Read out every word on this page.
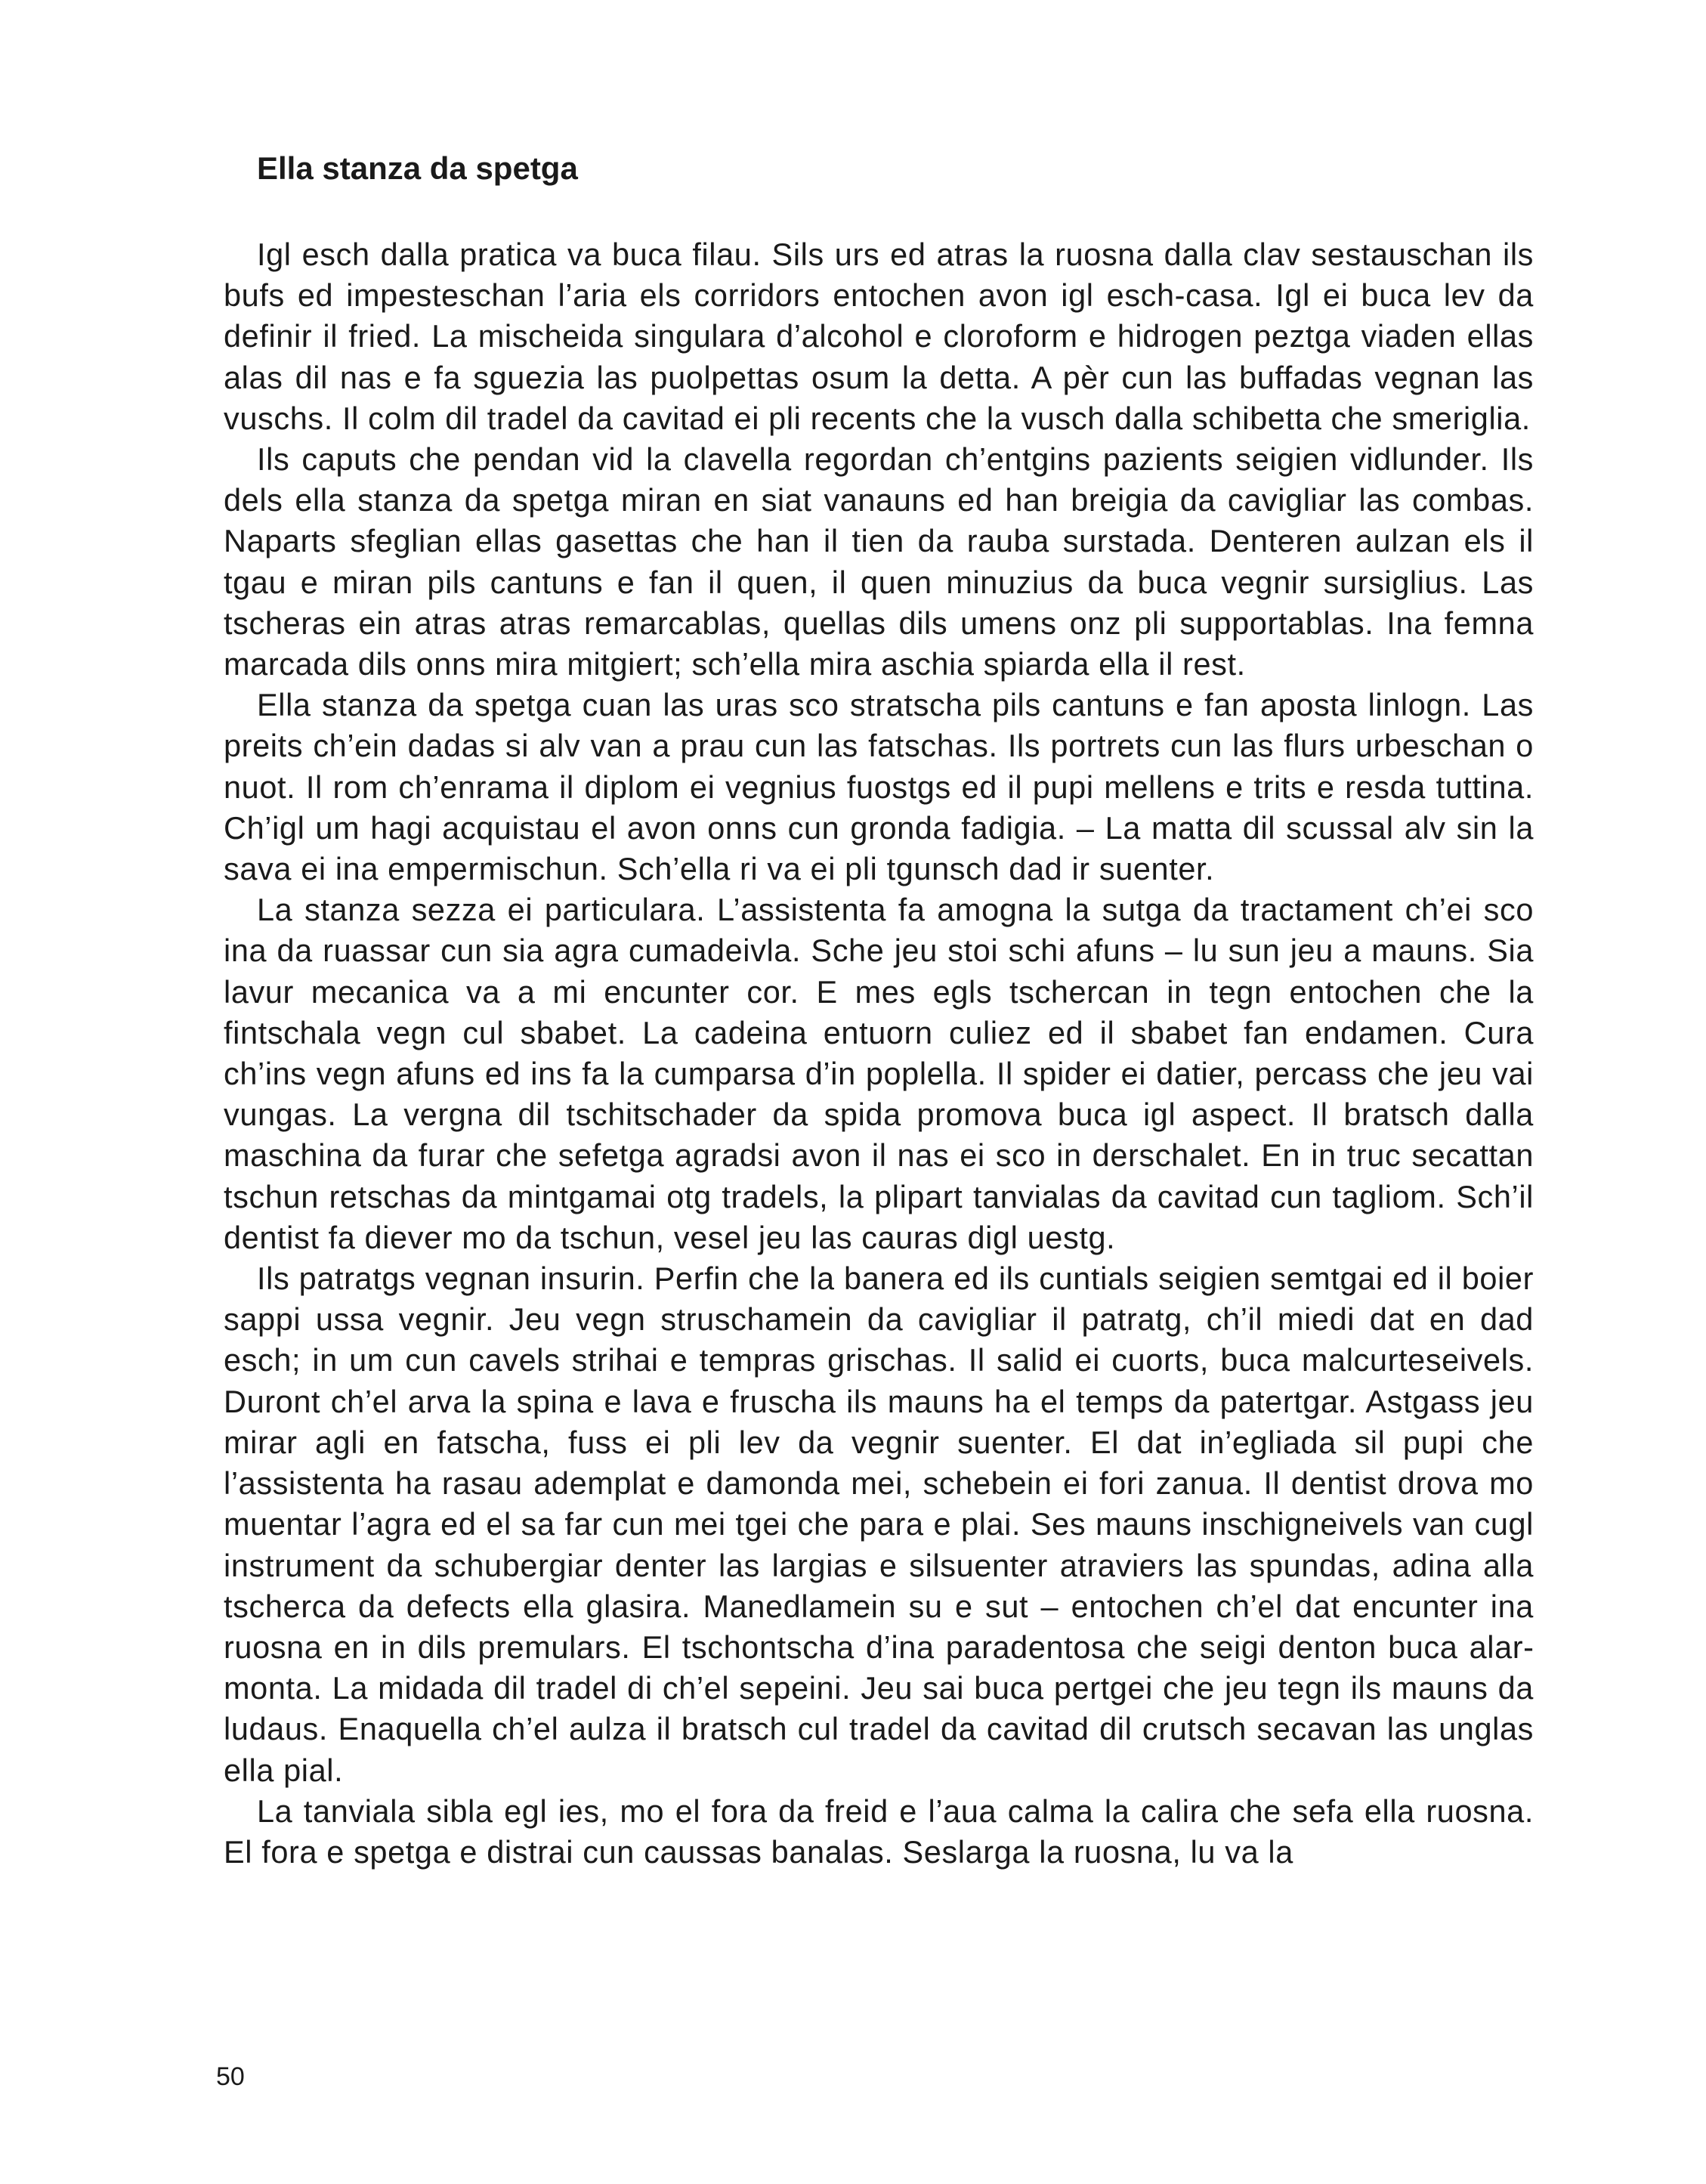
Ella stanza da spetga

Igl esch dalla pratica va buca filau. Sils urs ed atras la ruosna dalla clav sestauschan ils bufs ed impesteschan l’aria els corridors entochen avon igl esch-casa. Igl ei buca lev da definir il fried. La mischeida singulara d’alcohol e cloroform e hidrogen peztga viaden ellas alas dil nas e fa sguezia las puolpettas osum la detta. A pèr cun las buffadas vegnan las vuschs. Il colm dil tradel da cavitad ei pli recents che la vusch dalla schibetta che smeriglia.

Ils caputs che pendan vid la clavella regordan ch’entgins pazients seigien vidlunder. Ils dels ella stanza da spetga miran en siat vanauns ed han breigia da cavigliar las combas. Naparts sfeglian ellas gasettas che han il tien da rauba surstada. Denteren aulzan els il tgau e miran pils cantuns e fan il quen, il quen minuzius da buca vegnir sursiglius. Las tscheras ein atras atras remarcablas, quellas dils umens onz pli supportablas. Ina femna marcada dils onns mira mitgiert; sch’ella mira aschia spiarda ella il rest.

Ella stanza da spetga cuan las uras sco stratscha pils cantuns e fan aposta linlogn. Las preits ch’ein dadas si alv van a prau cun las fatschas. Ils portrets cun las flurs urbeschan o nuot. Il rom ch’enrama il diplom ei vegnius fuostgs ed il pupi mellens e trits e resda tuttina. Ch’igl um hagi acquistau el avon onns cun gronda fadigia. – La matta dil scussal alv sin la sava ei ina empermischun. Sch’ella ri va ei pli tgunsch dad ir suenter.

La stanza sezza ei particulara. L’assistenta fa amogna la sutga da tractament ch’ei sco ina da ruassar cun sia agra cumadeivla. Sche jeu stoi schi afuns – lu sun jeu a mauns. Sia lavur mecanica va a mi encunter cor. E mes egls tschercan in tegn entochen che la fintschala vegn cul sbabet. La cadeina entuorn culiez ed il sbabet fan endamen. Cura ch’ins vegn afuns ed ins fa la cumparsa d’in poplella. Il spider ei datier, percass che jeu vai vungas. La vergna dil tschitschader da spida promova buca igl aspect. Il bratsch dalla maschina da furar che sefetga agradsi avon il nas ei sco in derschalet. En in truc secattan tschun retschas da mintgamai otg tradels, la plipart tanvialas da cavitad cun tagliom. Sch’il dentist fa diever mo da tschun, vesel jeu las cauras digl uestg.

Ils patratgs vegnan insurin. Perfin che la banera ed ils cuntials seigien semtgai ed il boier sappi ussa vegnir. Jeu vegn struschamein da cavigliar il patratg, ch’il miedi dat en dad esch; in um cun cavels strihai e tempras grischas. Il salid ei cuorts, buca malcurteseivels. Duront ch’el arva la spina e lava e fruscha ils mauns ha el temps da patertgar. Astgass jeu mirar agli en fatscha, fuss ei pli lev da vegnir suenter. El dat in’egliada sil pupi che l’assistenta ha rasau ademplat e damonda mei, schebein ei fori zanua. Il dentist drova mo muentar l’agra ed el sa far cun mei tgei che para e plai. Ses mauns inschigneivels van cugl instrument da schubergiar denter las largias e silsuenter atraviers las spundas, adina alla tscherca da defects ella glasira. Manedlamein su e sut – entochen ch’el dat encunter ina ruosna en in dils premulars. El tschontscha d’ina paradentosa che seigi denton buca alarmonta. La midada dil tradel di ch’el sepeini. Jeu sai buca pertgei che jeu tegn ils mauns da ludaus. Enaquella ch’el aulza il bratsch cul tradel da cavitad dil crutsch secavan las unglas ella pial.

La tanviala sibla egl ies, mo el fora da freid e l’aua calma la calira che sefa ella ruosna. El fora e spetga e distrai cun caussas banalas. Seslarga la ruosna, lu va la

50
